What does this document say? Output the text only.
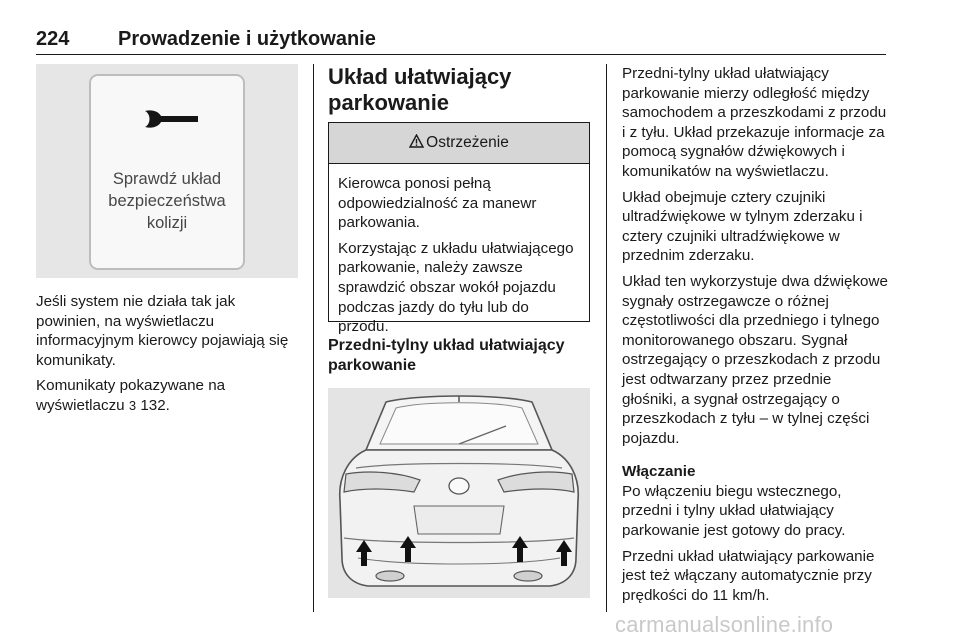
224 Prowadzenie i użytkowanie
Sprawdź układ bezpieczeństwa kolizji

Jeśli system nie działa tak jak powinien, na wyświetlaczu informacyjnym kierowcy pojawiają się komunikaty.

Komunikaty pokazywane na wyświetlaczu 3 132.

Układ ułatwiający parkowanie
Ostrzeżenie

Kierowca ponosi pełną odpowiedzialność za manewr parkowania.

Korzystając z układu ułatwiającego parkowanie, należy zawsze sprawdzić obszar wokół pojazdu podczas jazdy do tyłu lub do przodu.

Przedni-tylny układ ułatwiający parkowanie

Przedni-tylny układ ułatwiający parkowanie mierzy odległość między samochodem a przeszkodami z przodu i z tyłu. Układ przekazuje informacje za pomocą sygnałów dźwiękowych i komunikatów na wyświetlaczu.

Układ obejmuje cztery czujniki ultradźwiękowe w tylnym zderzaku i cztery czujniki ultradźwiękowe w przednim zderzaku.

Układ ten wykorzystuje dwa dźwiękowe sygnały ostrzegawcze o różnej częstotliwości dla przedniego i tylnego monitorowanego obszaru. Sygnał ostrzegający o przeszkodach z przodu jest odtwarzany przez przednie głośniki, a sygnał ostrzegający o przeszkodach z tyłu – w tylnej części pojazdu.

Włączanie

Po włączeniu biegu wstecznego, przedni i tylny układ ułatwiający parkowanie jest gotowy do pracy.

Przedni układ ułatwiający parkowanie jest też włączany automatycznie przy prędkości do 11 km/h.

carmanualsonline.info
